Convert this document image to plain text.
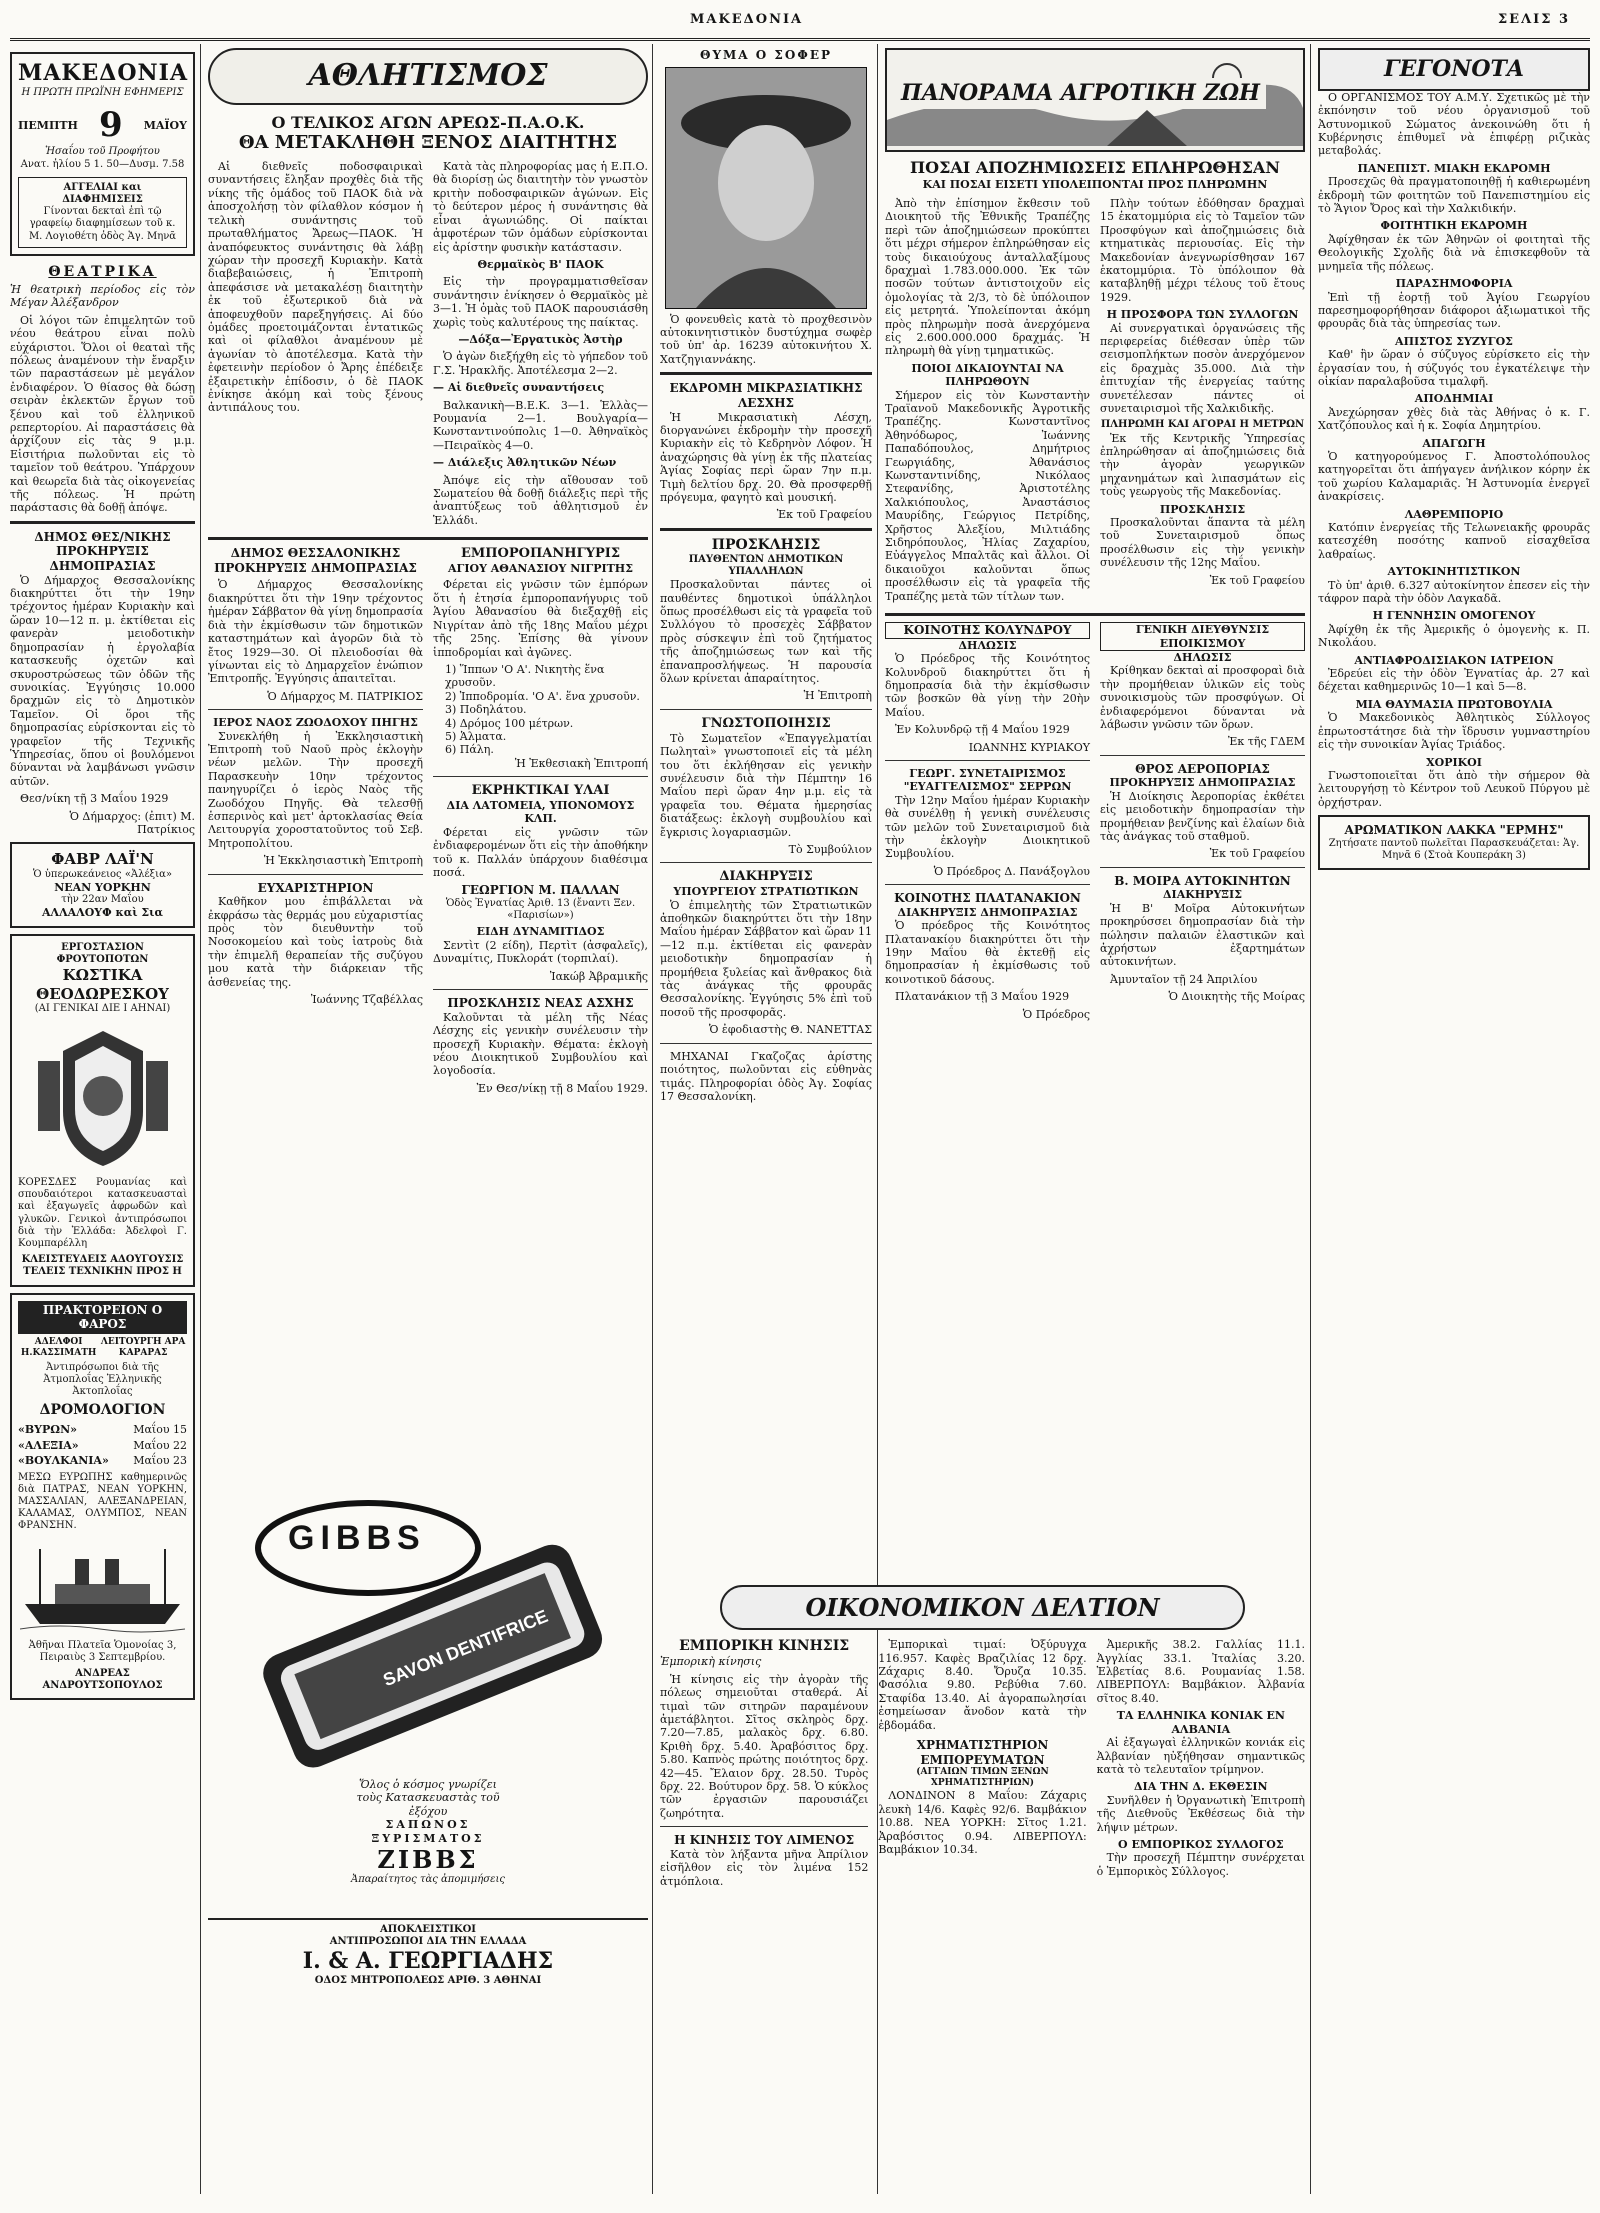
ΜΑΚΕΔΟΝΙΑ	ΣΕΛΙΣ 3
ΜΑΚΕΔΟΝΙΑ
Η ΠΡΩΤΗ ΠΡΩΪΝΗ ΕΦΗΜΕΡΙΣ
ΠΕΜΠΤΗ 9 ΜΑΪΟΥ
Ἡσαΐου τοῦ Προφήτου
Ανατ. ἡλίου 5 1. 50—Δυσμ. 7.58
ΑΓΓΕΛΙΑΙ και ΔΙΑΦΗΜΙΣΕΙΣ
Γίνονται δεκταὶ ἐπὶ τῷ γραφείῳ διαφημίσεων τοῦ κ. Μ. Λογιοθέτη ὁδὸς Ἁγ. Μηνᾶ
ΘΕΑΤΡΙΚΑ

Ἡ θεατρικὴ περίοδος εἰς τὸν Μέγαν Ἀλέξανδρον

Οἱ λόγοι τῶν ἐπιμελητῶν τοῦ νέου θεάτρου εἶναι πολὺ εὐχάριστοι. Ὅλοι οἱ θεαταὶ τῆς πόλεως ἀναμένουν τὴν ἔναρξιν τῶν παραστάσεων μὲ μεγάλον ἐνδιαφέρον. Ὁ θίασος θὰ δώσῃ σειρὰν ἐκλεκτῶν ἔργων τοῦ ξένου καὶ τοῦ ἑλληνικοῦ ρεπερτορίου. Αἱ παραστάσεις θὰ ἀρχίζουν εἰς τὰς 9 μ.μ. Εἰσιτήρια πωλοῦνται εἰς τὸ ταμεῖον τοῦ θεάτρου. Ὑπάρχουν καὶ θεωρεῖα διὰ τὰς οἰκογενείας τῆς πόλεως. Ἡ πρώτη παράστασις θὰ δοθῇ ἀπόψε.

ΔΗΜΟΣ ΘΕΣ/ΝΙΚΗΣ
ΠΡΟΚΗΡΥΞΙΣ ΔΗΜΟΠΡΑΣΙΑΣ

Ὁ Δήμαρχος Θεσσαλονίκης διακηρύττει ὅτι τὴν 19ην τρέχοντος ἡμέραν Κυριακὴν καὶ ὥραν 10—12 π. μ. ἐκτίθεται εἰς φανερὰν μειοδοτικὴν δημοπρασίαν ἡ ἐργολαβία κατασκευῆς ὀχετῶν καὶ σκυροστρώσεως τῶν ὁδῶν τῆς συνοικίας. Ἐγγύησις 10.000 δραχμῶν εἰς τὸ Δημοτικὸν Ταμεῖον. Οἱ ὅροι τῆς δημοπρασίας εὑρίσκονται εἰς τὸ γραφεῖον τῆς Τεχνικῆς Ὑπηρεσίας, ὅπου οἱ βουλόμενοι δύνανται νὰ λαμβάνωσι γνῶσιν αὐτῶν.

Θεσ/νίκη τῇ 3 Μαΐου 1929

Ὁ Δήμαρχος: (ἐπιτ) Μ. Πατρίκιος

ΦΑΒΡ ΛΑΪ'Ν
Ὁ ὑπερωκεάνειος «Ἀλέξια»
NEAN ΥΟΡΚΗΝ
τὴν 22αν Μαΐου
ΑΛΛΑΛΟΥΦ καὶ Σια
ΕΡΓΟΣΤΑΣΙΟΝ ΦΡΟΥΤΟΠΟΤΩΝ
ΚΩΣΤΙΚΑ ΘΕΟΔΩΡΕΣΚΟΥ
(ΑΙ ΓΕΝΙΚΑΙ ΔΙΕ Ι ΑΗΝΑΙ)
ΚΟΡΕΣΔΕΣ Ρουμανίας καὶ σπουδαιότεροι κατασκευασταὶ καὶ ἐξαγωγεῖς ἀφρωδῶν καὶ γλυκῶν. Γενικοὶ ἀντιπρόσωποι διὰ τὴν Ἑλλάδα: Ἀδελφοὶ Γ. Κουμπαρέλλη
ΚΛΕΙΣΤΕΥΔΕΙΣ ΑΔΟΥΓΟΥΣΙΣ ΤΕΛΕΙΣ ΤΕΧΝΙΚΗΝ ΠΡΟΣ Η
ΠΡΑΚΤΟΡΕΙΟΝ Ο ΦΑΡΟΣ
ΑΔΕΛΦΟΙ Η.ΚΑΣΣΙΜΑΤΗ
ΛΕΙΤΟΥΡΓΗ ΑΡΑ ΚΑΡΑΡΑΣ
Ἀντιπρόσωποι διὰ τῆς Ἀτμοπλοΐας Ἑλληνικῆς Ἀκτοπλοΐας
ΔΡΟΜΟΛΟΓΙΟΝ
«ΒΥΡΩΝ»	Μαΐου 15
«ΑΛΕΞΙΑ»	Μαΐου 22
«ΒΟΥΛΚΑΝΙΑ» Μαΐου 23
ΜΕΣΩ ΕΥΡΩΠΗΣ καθημερινῶς διὰ ΠΑΤΡΑΣ, ΝΕΑΝ ΥΟΡΚΗΝ, ΜΑΣΣΑΛΙΑΝ, ΑΛΕΞΑΝΔΡΕΙΑΝ, ΚΑΛΑΜΑΣ, ΟΛΥΜΠΟΣ, ΝΕΑΝ ΦΡΑΝΣΗΝ.
Ἀθῆναι Πλατεῖα Ὁμονοίας 3, Πειραιὺς 3 Σεπτεμβρίου.
ΑΝΔΡΕΑΣ ΑΝΔΡΟΥΤΣΟΠΟΥΛΟΣ
ΑΘΛΗΤΙΣΜΟΣ
Ο ΤΕΛΙΚΟΣ ΑΓΩΝ ΑΡΕΩΣ-Π.Α.Ο.Κ.
ΘΑ ΜΕΤΑΚΛΗΘΗ ΞΕΝΟΣ ΔΙΑΙΤΗΤΗΣ

Αἱ διεθνεῖς ποδοσφαιρικαὶ συναντήσεις ἔληξαν προχθὲς διὰ τῆς νίκης τῆς ὁμάδος τοῦ ΠΑΟΚ διὰ νὰ ἀποσχολήσῃ τὸν φίλαθλον κόσμον ἡ τελικὴ συνάντησις τοῦ πρωταθλήματος Ἄρεως—ΠΑΟΚ. Ἡ ἀναπόφευκτος συνάντησις θὰ λάβῃ χώραν τὴν προσεχῆ Κυριακὴν. Κατὰ διαβεβαιώσεις, ἡ Ἐπιτροπὴ ἀπεφάσισε νὰ μετακαλέσῃ διαιτητὴν ἐκ τοῦ ἐξωτερικοῦ διὰ νὰ ἀποφευχθοῦν παρεξηγήσεις. Αἱ δύο ὁμάδες προετοιμάζονται ἐντατικῶς καὶ οἱ φίλαθλοι ἀναμένουν μὲ ἀγωνίαν τὸ ἀποτέλεσμα. Κατὰ τὴν ἐφετεινὴν περίοδον ὁ Ἄρης ἐπέδειξε ἐξαιρετικὴν ἐπίδοσιν, ὁ δὲ ΠΑΟΚ ἐνίκησε ἀκόμη καὶ τοὺς ξένους ἀντιπάλους του.

Κατὰ τὰς πληροφορίας μας ἡ Ε.Π.Ο. θὰ διορίσῃ ὡς διαιτητὴν τὸν γνωστὸν κριτὴν ποδοσφαιρικῶν ἀγώνων. Εἰς τὸ δεύτερον μέρος ἡ συνάντησις θὰ εἶναι ἀγωνιώδης. Οἱ παίκται ἀμφοτέρων τῶν ὁμάδων εὑρίσκονται εἰς ἀρίστην φυσικὴν κατάστασιν.

Θερμαϊκὸς Β' ΠΑΟΚ

Εἰς τὴν προγραμματισθεῖσαν συνάντησιν ἐνίκησεν ὁ Θερμαϊκὸς μὲ 3—1. Ἡ ὁμὰς τοῦ ΠΑΟΚ παρουσιάσθη χωρὶς τοὺς καλυτέρους της παίκτας.

—Δόξα—Ἐργατικὸς Ἀστὴρ

Ὁ ἀγὼν διεξήχθη εἰς τὸ γήπεδον τοῦ Γ.Σ. Ἡρακλῆς. Ἀποτέλεσμα 2—2.

— Αἱ διεθνεῖς συναντήσεις

Βαλκανικὴ—Β.Ε.Κ. 3—1. Ἑλλὰς—Ρουμανία 2—1. Βουλγαρία—Κωνσταντινούπολις 1—0. Ἀθηναϊκὸς—Πειραϊκὸς 4—0.

— Διάλεξις Ἀθλητικῶν Νέων

Ἀπόψε εἰς τὴν αἴθουσαν τοῦ Σωματείου θὰ δοθῇ διάλεξις περὶ τῆς ἀναπτύξεως τοῦ ἀθλητισμοῦ ἐν Ἑλλάδι.

ΔΗΜΟΣ ΘΕΣΣΑΛΟΝΙΚΗΣ
ΠΡΟΚΗΡΥΞΙΣ ΔΗΜΟΠΡΑΣΙΑΣ

Ὁ Δήμαρχος Θεσσαλονίκης διακηρύττει ὅτι τὴν 19ην τρέχοντος ἡμέραν Σάββατον θὰ γίνῃ δημοπρασία διὰ τὴν ἐκμίσθωσιν τῶν δημοτικῶν καταστημάτων καὶ ἀγορῶν διὰ τὸ ἔτος 1929—30. Οἱ πλειοδοσίαι θὰ γίνωνται εἰς τὸ Δημαρχεῖον ἐνώπιον Ἐπιτροπῆς. Ἐγγύησις ἀπαιτεῖται.

Ὁ Δήμαρχος Μ. ΠΑΤΡΙΚΙΟΣ

ΙΕΡΟΣ ΝΑΟΣ ΖΩΟΔΟΧΟΥ ΠΗΓΗΣ

Συνεκλήθη ἡ Ἐκκλησιαστικὴ Ἐπιτροπὴ τοῦ Ναοῦ πρὸς ἐκλογὴν νέων μελῶν. Τὴν προσεχῆ Παρασκευὴν 10ην τρέχοντος πανηγυρίζει ὁ ἱερὸς Ναὸς τῆς Ζωοδόχου Πηγῆς. Θὰ τελεσθῇ ἑσπερινὸς καὶ μετ' ἀρτοκλασίας Θεία Λειτουργία χοροστατοῦντος τοῦ Σεβ. Μητροπολίτου.

Ἡ Ἐκκλησιαστικὴ Ἐπιτροπὴ

ΕΥΧΑΡΙΣΤΗΡΙΟΝ

Καθῆκον μου ἐπιβάλλεται νὰ ἐκφράσω τὰς θερμάς μου εὐχαριστίας πρὸς τὸν διευθυντὴν τοῦ Νοσοκομείου καὶ τοὺς ἰατροὺς διὰ τὴν ἐπιμελῆ θεραπείαν τῆς συζύγου μου κατὰ τὴν διάρκειαν τῆς ἀσθενείας της.

Ἰωάννης Τζαβέλλας

ΕΜΠΟΡΟΠΑΝΗΓΥΡΙΣ
ΑΓΙΟΥ ΑΘΑΝΑΣΙΟΥ ΝΙΓΡΙΤΗΣ

Φέρεται εἰς γνῶσιν τῶν ἐμπόρων ὅτι ἡ ἐτησία ἐμποροπανήγυρις τοῦ Ἁγίου Ἀθανασίου θὰ διεξαχθῇ εἰς Νιγρίταν ἀπὸ τῆς 18ης Μαΐου μέχρι τῆς 25ης. Ἐπίσης θὰ γίνουν ἱπποδρομίαι καὶ ἀγῶνες.

1) Ἵππων 'Ο Α'. Νικητὴς ἕνα χρυσοῦν.
2) Ἱπποδρομία. 'Ο Α'. ἕνα χρυσοῦν.
3) Ποδηλάτου.
4) Δρόμος 100 μέτρων.
5) Ἁλματα.
6) Πάλη.

Ἡ Ἐκθεσιακὴ Ἐπιτροπή

ΕΚΡΗΚΤΙΚΑΙ ΥΛΑΙ
ΔΙΑ ΛΑΤΟΜΕΙΑ, ΥΠΟΝΟΜΟΥΣ ΚΛΠ.

Φέρεται εἰς γνῶσιν τῶν ἐνδιαφερομένων ὅτι εἰς τὴν ἀποθήκην τοῦ κ. Παλλάν ὑπάρχουν διαθέσιμα ποσά.

ΓΕΩΡΓΙΟΝ Μ. ΠΑΛΛΑΝ
Ὁδὸς Ἐγνατίας Ἀριθ. 13 (ἔναντι Ξεν. «Παρισίων»)
ΕΙΔΗ ΔΥΝΑΜΙΤΙΔΟΣ

Σεντὶτ (2 είδη), Περτὶτ (ἀσφαλεῖς), Δυναμίτις, Πυκλοράτ (τορπιλαί).

Ἰακώβ Ἀβραμικῆς

ΠΡΟΣΚΛΗΣΙΣ ΝΕΑΣ ΑΣΧΗΣ

Καλοῦνται τὰ μέλη τῆς Νέας Λέσχης εἰς γενικὴν συνέλευσιν τὴν προσεχῆ Κυριακὴν. Θέματα: ἐκλογὴ νέου Διοικητικοῦ Συμβουλίου καὶ λογοδοσία.

Ἐν Θεσ/νίκῃ τῇ 8 Μαΐου 1929.

GIBBS
SAVON DENTIFRICE
Ὅλος ὁ κόσμος γνωρίζει
τοὺς Κατασκευαστὰς τοῦ
ἐξόχου
ΣΑΠΩΝΟΣ
ΞΥΡΙΣΜΑΤΟΣ
ΖΙΒΒΣ
Ἀπαραίτητος τὰς ἀπομιμήσεις
ΑΠΟΚΛΕΙΣΤΙΚΟΙ
ΑΝΤΙΠΡΟΣΩΠΟΙ ΔΙΑ ΤΗΝ ΕΛΛΑΔΑ
Ι. & Α. ΓΕΩΡΓΙΑΔΗΣ
ΟΔΟΣ ΜΗΤΡΟΠΟΛΕΩΣ ΑΡΙΘ. 3 ΑΘΗΝΑΙ
ΘΥΜΑ Ο ΣΟΦΕΡ

Ὁ φονευθεὶς κατὰ τὸ προχθεσινὸν αὐτοκινητιστικὸν δυστύχημα σωφὲρ τοῦ ὑπ' ἀρ. 16239 αὐτοκινήτου Χ. Χατζηγιαννάκης.

ΕΚΔΡΟΜΗ ΜΙΚΡΑΣΙΑΤΙΚΗΣ ΛΕΣΧΗΣ

Ἡ Μικρασιατικὴ Λέσχη, διοργανώνει ἐκδρομὴν τὴν προσεχῆ Κυριακὴν εἰς τὸ Κεδρηνὸν Λόφον. Ἡ ἀναχώρησις θὰ γίνῃ ἐκ τῆς πλατείας Ἁγίας Σοφίας περὶ ὥραν 7ην π.μ. Τιμὴ δελτίου δρχ. 20. Θὰ προσφερθῇ πρόγευμα, φαγητὸ καὶ μουσική.

Ἐκ τοῦ Γραφείου

ΠΡΟΣΚΛΗΣΙΣ
ΠΑΥΘΕΝΤΩΝ ΔΗΜΟΤΙΚΩΝ ΥΠΑΛΛΗΛΩΝ

Προσκαλοῦνται πάντες οἱ παυθέντες δημοτικοὶ ὑπάλληλοι ὅπως προσέλθωσι εἰς τὰ γραφεῖα τοῦ Συλλόγου τὸ προσεχὲς Σάββατον πρὸς σύσκεψιν ἐπὶ τοῦ ζητήματος τῆς ἀποζημιώσεως των καὶ τῆς ἐπαναπροσλήψεως. Ἡ παρουσία ὅλων κρίνεται ἀπαραίτητος.

Ἡ Ἐπιτροπὴ

ΓΝΩΣΤΟΠΟΙΗΣΙΣ

Τὸ Σωματεῖον «Ἐπαγγελματίαι Πωληταὶ» γνωστοποιεῖ εἰς τὰ μέλη του ὅτι ἐκλήθησαν εἰς γενικὴν συνέλευσιν διὰ τὴν Πέμπτην 16 Μαΐου περὶ ὥραν 4ην μ.μ. εἰς τὰ γραφεῖα του. Θέματα ἡμερησίας διατάξεως: ἐκλογὴ συμβουλίου καὶ ἔγκρισις λογαριασμῶν.

Τὸ Συμβούλιον

ΔΙΑΚΗΡΥΞΙΣ
ΥΠΟΥΡΓΕΙΟΥ ΣΤΡΑΤΙΩΤΙΚΩΝ

Ὁ ἐπιμελητὴς τῶν Στρατιωτικῶν ἀποθηκῶν διακηρύττει ὅτι τὴν 18ην Μαΐου ἡμέραν Σάββατον καὶ ὥραν 11—12 π.μ. ἐκτίθεται εἰς φανερὰν μειοδοτικὴν δημοπρασίαν ἡ προμήθεια ξυλείας καὶ ἄνθρακος διὰ τὰς ἀνάγκας τῆς φρουρᾶς Θεσσαλονίκης. Ἐγγύησις 5% ἐπὶ τοῦ ποσοῦ τῆς προσφορᾶς.

Ὁ ἐφοδιαστὴς Θ. ΝΑΝΕΤΤΑΣ

ΜΗΧΑΝΑΙ Γκαζοζας ἀρίστης ποιότητος, πωλοῦνται εἰς εὐθηνὰς τιμάς. Πληροφορίαι ὁδὸς Ἀγ. Σοφίας 17 Θεσσαλονίκη.

ΠΑΝΟΡΑΜΑ ΑΓΡΟΤΙΚΗ ΖΩΗ
ΠΟΣΑΙ ΑΠΟΖΗΜΙΩΣΕΙΣ ΕΠΛΗΡΩΘΗΣΑΝ
ΚΑΙ ΠΟΣΑΙ ΕΙΣΕΤΙ ΥΠΟΛΕΙΠΟΝΤΑΙ ΠΡΟΣ ΠΛΗΡΩΜΗΝ

Ἀπὸ τὴν ἐπίσημον ἔκθεσιν τοῦ Διοικητοῦ τῆς Ἐθνικῆς Τραπέζης περὶ τῶν ἀποζημιώσεων προκύπτει ὅτι μέχρι σήμερον ἐπληρώθησαν εἰς τοὺς δικαιούχους ἀνταλλαξίμους δραχμαὶ 1.783.000.000. Ἐκ τῶν ποσῶν τούτων ἀντιστοιχοῦν εἰς ὁμολογίας τὰ 2/3, τὸ δὲ ὑπόλοιπον εἰς μετρητά. Ὑπολείπονται ἀκόμη πρὸς πληρωμὴν ποσὰ ἀνερχόμενα εἰς 2.600.000.000 δραχμάς. Ἡ πληρωμὴ θὰ γίνῃ τμηματικῶς.

ΠΟΙΟΙ ΔΙΚΑΙΟΥΝΤΑΙ ΝΑ ΠΛΗΡΩΘΟΥΝ

Σήμερον εἰς τὸν Κωνσταντὴν Τραϊανοῦ Μακεδονικῆς Ἀγροτικῆς Τραπέζης. Κωνσταντῖνος Ἀθηνόδωρος, Ἰωάννης Παπαδόπουλος, Δημήτριος Γεωργιάδης, Ἀθανάσιος Κωνσταντινίδης, Νικόλαος Στεφανίδης, Ἀριστοτέλης Χαλκιόπουλος, Ἀναστάσιος Μαυρίδης, Γεώργιος Πετρίδης, Χρῆστος Ἀλεξίου, Μιλτιάδης Σιδηρόπουλος, Ἠλίας Ζαχαρίου, Εὐάγγελος Μπαλτᾶς καὶ ἄλλοι. Οἱ δικαιοῦχοι καλοῦνται ὅπως προσέλθωσιν εἰς τὰ γραφεῖα τῆς Τραπέζης μετὰ τῶν τίτλων των.

Πλὴν τούτων ἐδόθησαν δραχμαὶ 15 ἑκατομμύρια εἰς τὸ Ταμεῖον τῶν Προσφύγων καὶ ἀποζημιώσεις διὰ κτηματικὰς περιουσίας. Εἰς τὴν Μακεδονίαν ἀνεγνωρίσθησαν 167 ἑκατομμύρια. Τὸ ὑπόλοιπον θὰ καταβληθῇ μέχρι τέλους τοῦ ἔτους 1929.

Η ΠΡΟΣΦΟΡΑ ΤΩΝ ΣΥΛΛΟΓΩΝ

Αἱ συνεργατικαὶ ὀργανώσεις τῆς περιφερείας διέθεσαν ὑπὲρ τῶν σεισμοπλήκτων ποσὸν ἀνερχόμενον εἰς δραχμὰς 35.000. Διὰ τὴν ἐπιτυχίαν τῆς ἐνεργείας ταύτης συνετέλεσαν πάντες οἱ συνεταιρισμοὶ τῆς Χαλκιδικῆς.

ΠΛΗΡΩΜΗ ΚΑΙ ΑΓΟΡΑΙ Η ΜΕΤΡΩΝ

Ἐκ τῆς Κεντρικῆς Ὑπηρεσίας ἐπληρώθησαν αἱ ἀποζημιώσεις διὰ τὴν ἀγορὰν γεωργικῶν μηχανημάτων καὶ λιπασμάτων εἰς τοὺς γεωργοὺς τῆς Μακεδονίας.

ΠΡΟΣΚΛΗΣΙΣ

Προσκαλοῦνται ἅπαντα τὰ μέλη τοῦ Συνεταιρισμοῦ ὅπως προσέλθωσιν εἰς τὴν γενικὴν συνέλευσιν τῆς 12ης Μαΐου.

Ἐκ τοῦ Γραφείου

ΚΟΙΝΟΤΗΣ ΚΟΛΥΝΔΡΟΥ
ΔΗΛΩΣΙΣ

Ὁ Πρόεδρος τῆς Κοινότητος Κολυνδροῦ διακηρύττει ὅτι ἡ δημοπρασία διὰ τὴν ἐκμίσθωσιν τῶν βοσκῶν θὰ γίνῃ τὴν 20ὴν Μαΐου.

Ἐν Κολυνδρῷ τῇ 4 Μαΐου 1929

ΙΩΑΝΝΗΣ ΚΥΡΙΑΚΟΥ

ΓΕΩΡΓ. ΣΥΝΕΤΑΙΡΙΣΜΟΣ
"ΕΥΑΓΓΕΛΙΣΜΟΣ" ΣΕΡΡΩΝ

Τὴν 12ην Μαΐου ἡμέραν Κυριακὴν θὰ συνέλθῃ ἡ γενικὴ συνέλευσις τῶν μελῶν τοῦ Συνεταιρισμοῦ διὰ τὴν ἐκλογὴν Διοικητικοῦ Συμβουλίου.

Ὁ Πρόεδρος Δ. Πανάξογλου

ΚΟΙΝΟΤΗΣ ΠΛΑΤΑΝΑΚΙΟΝ
ΔΙΑΚΗΡΥΞΙΣ ΔΗΜΟΠΡΑΣΙΑΣ

Ὁ πρόεδρος τῆς Κοινότητος Πλατανακίου διακηρύττει ὅτι τὴν 19ην Μαΐου θὰ ἐκτεθῇ εἰς δημοπρασίαν ἡ ἐκμίσθωσις τοῦ κοινοτικοῦ δάσους.

Πλατανάκιον τῇ 3 Μαΐου 1929

Ὁ Πρόεδρος

ΓΕΝΙΚΗ ΔΙΕΥΘΥΝΣΙΣ ΕΠΟΙΚΙΣΜΟΥ
ΔΗΛΩΣΙΣ

Κρίθηκαν δεκταὶ αἱ προσφοραὶ διὰ τὴν προμήθειαν ὑλικῶν εἰς τοὺς συνοικισμοὺς τῶν προσφύγων. Οἱ ἐνδιαφερόμενοι δύνανται νὰ λάβωσιν γνῶσιν τῶν ὅρων.

Ἐκ τῆς ΓΔΕΜ

ΘΡΟΣ ΑΕΡΟΠΟΡΙΑΣ
ΠΡΟΚΗΡΥΞΙΣ ΔΗΜΟΠΡΑΣΙΑΣ

Ἡ Διοίκησις Ἀεροπορίας ἐκθέτει εἰς μειοδοτικὴν δημοπρασίαν τὴν προμήθειαν βενζίνης καὶ ἐλαίων διὰ τὰς ἀνάγκας τοῦ σταθμοῦ.

Ἐκ τοῦ Γραφείου

Β. ΜΟΙΡΑ ΑΥΤΟΚΙΝΗΤΩΝ
ΔΙΑΚΗΡΥΞΙΣ

Ἡ Β' Μοῖρα Αὐτοκινήτων προκηρύσσει δημοπρασίαν διὰ τὴν πώλησιν παλαιῶν ἐλαστικῶν καὶ ἀχρήστων ἐξαρτημάτων αὐτοκινήτων.

Ἀμυνταῖον τῇ 24 Ἀπριλίου

Ὁ Διοικητὴς τῆς Μοίρας

ΟΙΚΟΝΟΜΙΚΟΝ ΔΕΛΤΙΟΝ
ΕΜΠΟΡΙΚΗ ΚΙΝΗΣΙΣ

Ἐμπορικὴ κίνησις

Ἡ κίνησις εἰς τὴν ἀγορὰν τῆς πόλεως σημειοῦται σταθερά. Αἱ τιμαὶ τῶν σιτηρῶν παραμένουν ἀμετάβλητοι. Σῖτος σκληρὸς δρχ. 7.20—7.85, μαλακὸς δρχ. 6.80. Κριθὴ δρχ. 5.40. Ἀραβόσιτος δρχ. 5.80. Καπνὸς πρώτης ποιότητος δρχ. 42—45. Ἔλαιον δρχ. 28.50. Τυρὸς δρχ. 22. Βούτυρον δρχ. 58. Ὁ κύκλος τῶν ἐργασιῶν παρουσιάζει ζωηρότητα.

Η ΚΙΝΗΣΙΣ ΤΟΥ ΛΙΜΕΝΟΣ

Κατὰ τὸν λήξαντα μῆνα Ἀπρίλιον εἰσῆλθον εἰς τὸν λιμένα 152 ἀτμόπλοια.

Ἐμπορικαὶ τιμαί: Ὀξύρυγχα 116.957. Καφὲς Βραζιλίας 12 δρχ. Ζάχαρις 8.40. Ὄρυζα 10.35. Φασόλια 9.80. Ρεβύθια 7.60. Σταφίδα 13.40. Αἱ ἀγοραπωλησίαι ἐσημείωσαν ἄνοδον κατὰ τὴν ἑβδομάδα.

ΧΡΗΜΑΤΙΣΤΗΡΙΟΝ ΕΜΠΟΡΕΥΜΑΤΩΝ
(ΑΓΓΑΙΩΝ ΤΙΜΩΝ ΞΕΝΩΝ ΧΡΗΜΑΤΙΣΤΗΡΙΩΝ)

ΛΟΝΔΙΝΟΝ 8 Μαΐου: Ζάχαρις λευκὴ 14/6. Καφὲς 92/6. Βαμβάκιον 10.88. ΝΕΑ ΥΟΡΚΗ: Σῖτος 1.21. Ἀραβόσιτος 0.94. ΛΙΒΕΡΠΟΥΛ: Βαμβάκιον 10.34.

Ἀμερικῆς 38.2. Γαλλίας 11.1. Ἀγγλίας 33.1. Ἰταλίας 3.20. Ἑλβετίας 8.6. Ρουμανίας 1.58. ΛΙΒΕΡΠΟΥΛ: Βαμβάκιον. Ἀλβανία σῖτος 8.40.

ΤΑ ΕΛΛΗΝΙΚΑ ΚΟΝΙΑΚ ΕΝ ΑΛΒΑΝΙΑ

Αἱ ἐξαγωγαὶ ἑλληνικῶν κονιάκ εἰς Ἀλβανίαν ηὐξήθησαν σημαντικῶς κατὰ τὸ τελευταῖον τρίμηνον.

ΔΙΑ ΤΗΝ Δ. ΕΚΘΕΣΙΝ

Συνῆλθεν ἡ Ὀργανωτικὴ Ἐπιτροπὴ τῆς Διεθνοῦς Ἐκθέσεως διὰ τὴν λήψιν μέτρων.

Ο ΕΜΠΟΡΙΚΟΣ ΣΥΛΛΟΓΟΣ

Τὴν προσεχῆ Πέμπτην συνέρχεται ὁ Ἐμπορικὸς Σύλλογος.

ΓΕΓΟΝΟΤΑ

Ο ΟΡΓΑΝΙΣΜΟΣ ΤΟΥ Α.Μ.Υ. Σχετικῶς μὲ τὴν ἐκπόνησιν τοῦ νέου ὀργανισμοῦ τοῦ Ἀστυνομικοῦ Σώματος ἀνεκοινώθη ὅτι ἡ Κυβέρνησις ἐπιθυμεῖ νὰ ἐπιφέρῃ ριζικὰς μεταβολάς.

ΠΑΝΕΠΙΣΤ. ΜΙΑΚΗ ΕΚΔΡΟΜΗ

Προσεχῶς θὰ πραγματοποιηθῇ ἡ καθιερωμένη ἐκδρομὴ τῶν φοιτητῶν τοῦ Πανεπιστημίου εἰς τὸ Ἅγιον Ὄρος καὶ τὴν Χαλκιδικήν.

ΦΟΙΤΗΤΙΚΗ ΕΚΔΡΟΜΗ

Ἀφίχθησαν ἐκ τῶν Ἀθηνῶν οἱ φοιτηταὶ τῆς Θεολογικῆς Σχολῆς διὰ νὰ ἐπισκεφθοῦν τὰ μνημεῖα τῆς πόλεως.

ΠΑΡΑΣΗΜΟΦΟΡΙΑ

Ἐπὶ τῇ ἑορτῇ τοῦ Ἁγίου Γεωργίου παρεσημοφορήθησαν διάφοροι ἀξιωματικοὶ τῆς φρουρᾶς διὰ τὰς ὑπηρεσίας των.

ΑΠΙΣΤΟΣ ΣΥΖΥΓΟΣ

Καθ' ἣν ὥραν ὁ σύζυγος εὑρίσκετο εἰς τὴν ἐργασίαν του, ἡ σύζυγός του ἐγκατέλειψε τὴν οἰκίαν παραλαβοῦσα τιμαλφῆ.

ΑΠΟΔΗΜΙΑΙ

Ἀνεχώρησαν χθὲς διὰ τὰς Ἀθήνας ὁ κ. Γ. Χατζόπουλος καὶ ἡ κ. Σοφία Δημητρίου.

ΑΠΑΓΩΓΗ

Ὁ κατηγορούμενος Γ. Ἀποστολόπουλος κατηγορεῖται ὅτι ἀπήγαγεν ἀνήλικον κόρην ἐκ τοῦ χωρίου Καλαμαριᾶς. Ἡ Ἀστυνομία ἐνεργεῖ ἀνακρίσεις.

ΛΑΘΡΕΜΠΟΡΙΟ

Κατόπιν ἐνεργείας τῆς Τελωνειακῆς φρουρᾶς κατεσχέθη ποσότης καπνοῦ εἰσαχθεῖσα λαθραίως.

ΑΥΤΟΚΙΝΗΤΙΣΤΙΚΟΝ

Τὸ ὑπ' ἀριθ. 6.327 αὐτοκίνητον ἐπεσεν εἰς τὴν τάφρον παρὰ τὴν ὁδὸν Λαγκαδᾶ.

Η ΓΕΝΝΗΣΙΝ ΟΜΟΓΕΝΟΥ

Ἀφίχθη ἐκ τῆς Ἀμερικῆς ὁ ὁμογενὴς κ. Π. Νικολάου.

ΑΝΤΙΑΦΡΟΔΙΣΙΑΚΟΝ ΙΑΤΡΕΙΟΝ

Ἐδρεύει εἰς τὴν ὁδὸν Ἐγνατίας ἀρ. 27 καὶ δέχεται καθημερινῶς 10—1 καὶ 5—8.

ΜΙΑ ΘΑΥΜΑΣΙΑ ΠΡΩΤΟΒΟΥΛΙΑ

Ὁ Μακεδονικὸς Ἀθλητικὸς Σύλλογος ἐπρωτοστάτησε διὰ τὴν ἵδρυσιν γυμναστηρίου εἰς τὴν συνοικίαν Ἁγίας Τριάδος.

ΧΟΡΙΚΟΙ

Γνωστοποιεῖται ὅτι ἀπὸ τὴν σήμερον θὰ λειτουργήσῃ τὸ Κέντρον τοῦ Λευκοῦ Πύργου μὲ ὀρχήστραν.

ΑΡΩΜΑΤΙΚΟΝ ΛΑΚΚΑ "ΕΡΜΗΣ"
Ζητήσατε παντοῦ πωλεῖται Παρασκευάζεται: Ἁγ. Μηνᾶ 6 (Στοὰ Κουπεράκη 3)
